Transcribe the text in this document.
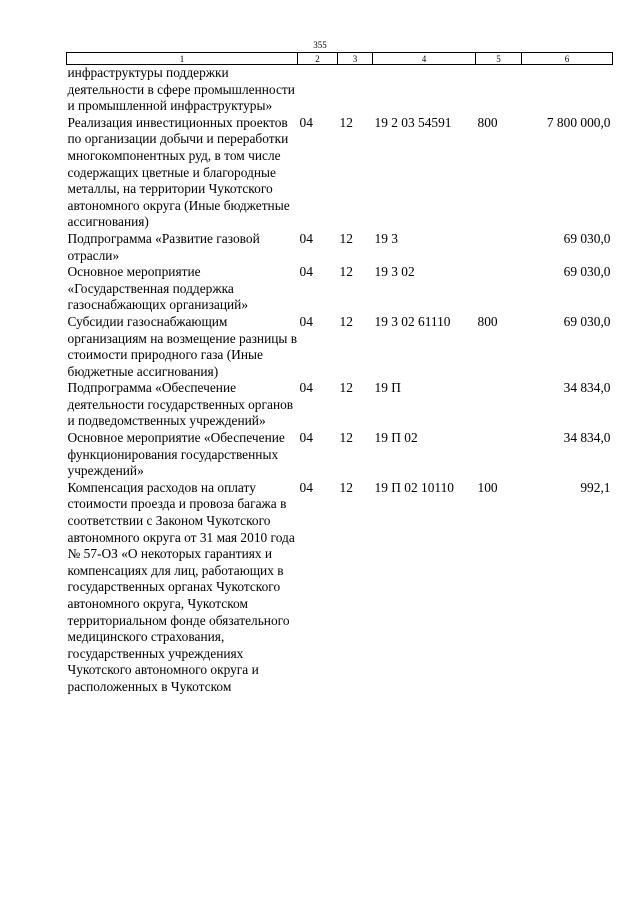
355
1	2	3	4	5	6
инфраструктуры поддержки деятельности в сфере промышленности и промышленной инфраструктуры»					
Реализация инвестиционных проектов по организации добычи и переработки многокомпонентных руд, в том числе содержащих цветные и благородные металлы, на территории Чукотского автономного округа (Иные бюджетные ассигнования)	04	12	19 2 03 54591	800	7 800 000,0
Подпрограмма «Развитие газовой отрасли»	04	12	19 3		69 030,0
Основное мероприятие «Государственная поддержка газоснабжающих организаций»	04	12	19 3 02		69 030,0
Субсидии газоснабжающим организациям на возмещение разницы в стоимости природного газа (Иные бюджетные ассигнования)	04	12	19 3 02 61110	800	69 030,0
Подпрограмма «Обеспечение деятельности государственных органов и подведомственных учреждений»	04	12	19 П		34 834,0
Основное мероприятие «Обеспечение функционирования государственных учреждений»	04	12	19 П 02		34 834,0
Компенсация расходов на оплату стоимости проезда и провоза багажа в соответствии с Законом Чукотского автономного округа от 31 мая 2010 года № 57-ОЗ «О некоторых гарантиях и компенсациях для лиц, работающих в государственных органах Чукотского автономного округа, Чукотском территориальном фонде обязательного медицинского страхования, государственных учреждениях Чукотского автономного округа и расположенных в Чукотском	04	12	19 П 02 10110	100	992,1
